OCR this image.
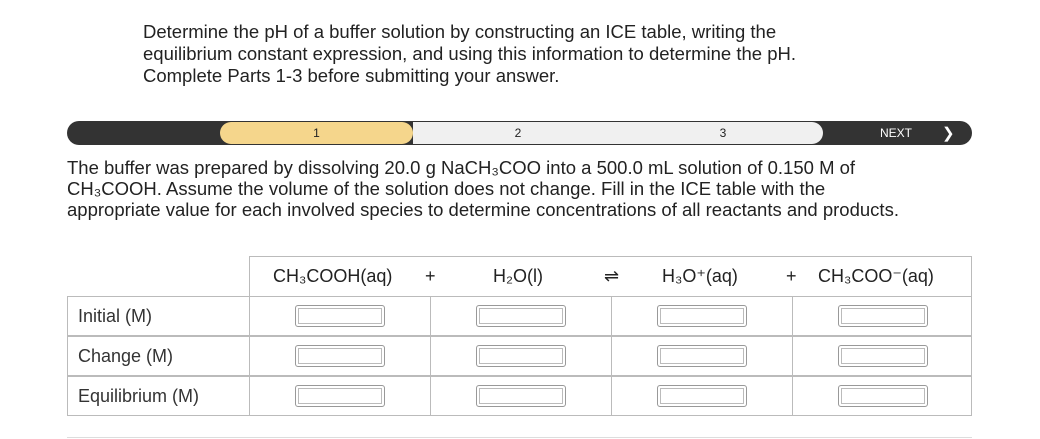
Determine the pH of a buffer solution by constructing an ICE table, writing the
equilibrium constant expression, and using this information to determine the pH.
Complete Parts 1-3 before submitting your answer.
1	2	3	NEXT ❯
The buffer was prepared by dissolving 20.0 g NaCH₃COO into a 500.0 mL solution of 0.150 M of
CH₃COOH. Assume the volume of the solution does not change. Fill in the ICE table with the
appropriate value for each involved species to determine concentrations of all reactants and products.
CH₃COOH(aq) +	H₂O(l)	⇌ H₃O⁺(aq)	+ CH₃COO⁻(aq)
Initial (M)
Change (M)
Equilibrium (M)
